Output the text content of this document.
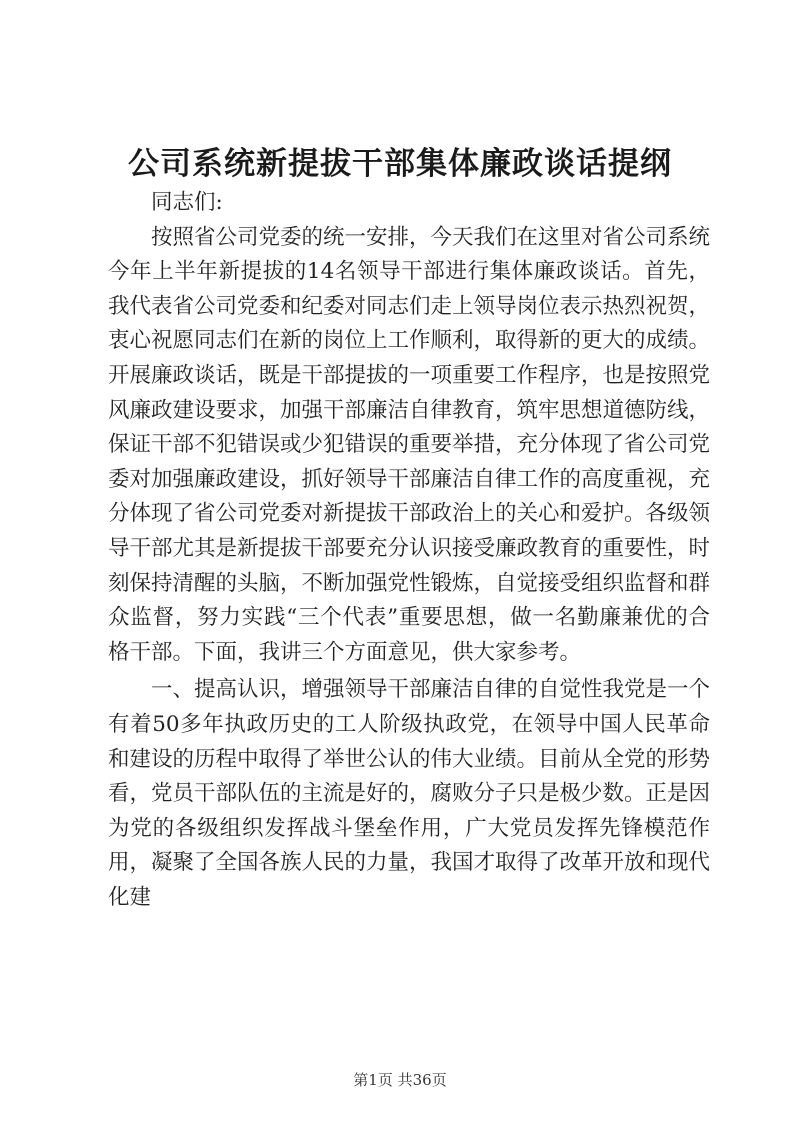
公司系统新提拔干部集体廉政谈话提纲

同志们:

按照省公司党委的统一安排，今天我们在这里对省公司系统今年上半年新提拔的14名领导干部进行集体廉政谈话。首先，我代表省公司党委和纪委对同志们走上领导岗位表示热烈祝贺，衷心祝愿同志们在新的岗位上工作顺利，取得新的更大的成绩。开展廉政谈话，既是干部提拔的一项重要工作程序，也是按照党风廉政建设要求，加强干部廉洁自律教育，筑牢思想道德防线，保证干部不犯错误或少犯错误的重要举措，充分体现了省公司党委对加强廉政建设，抓好领导干部廉洁自律工作的高度重视，充分体现了省公司党委对新提拔干部政治上的关心和爱护。各级领导干部尤其是新提拔干部要充分认识接受廉政教育的重要性，时刻保持清醒的头脑，不断加强党性锻炼，自觉接受组织监督和群众监督，努力实践“三个代表”重要思想，做一名勤廉兼优的合格干部。下面，我讲三个方面意见，供大家参考。

一、提高认识，增强领导干部廉洁自律的自觉性我党是一个有着50多年执政历史的工人阶级执政党，在领导中国人民革命和建设的历程中取得了举世公认的伟大业绩。目前从全党的形势看，党员干部队伍的主流是好的，腐败分子只是极少数。正是因为党的各级组织发挥战斗堡垒作用，广大党员发挥先锋模范作用，凝聚了全国各族人民的力量，我国才取得了改革开放和现代化建

第1页 共36页
